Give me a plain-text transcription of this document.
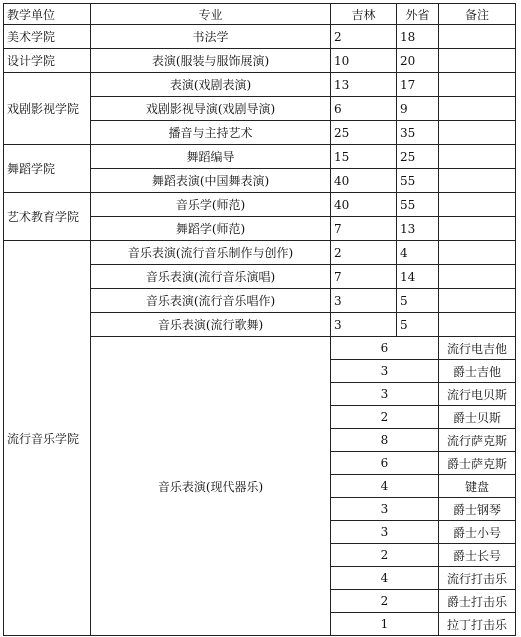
教学单位	专业	吉林	外省	备注
美术学院	书法学	2	18	
设计学院	表演(服装与服饰展演)	10	20	
戏剧影视学院	表演(戏剧表演)	13	17	
	戏剧影视导演(戏剧导演)	6	9	
	播音与主持艺术	25	35	
舞蹈学院	舞蹈编导	15	25	
	舞蹈表演(中国舞表演)	40	55	
艺术教育学院	音乐学(师范)	40	55	
	舞蹈学(师范)	7	13	
流行音乐学院	音乐表演(流行音乐制作与创作)	2	4	
	音乐表演(流行音乐演唱)	7	14	
	音乐表演(流行音乐唱作)	3	5	
	音乐表演(流行歌舞)	3	5	
	音乐表演(现代器乐)	6		流行电吉他
		3		爵士吉他
		3		流行电贝斯
		2		爵士贝斯
		8		流行萨克斯
		6		爵士萨克斯
		4		键盘
		3		爵士钢琴
		3		爵士小号
		2		爵士长号
		4		流行打击乐
		2		爵士打击乐
		1		拉丁打击乐
